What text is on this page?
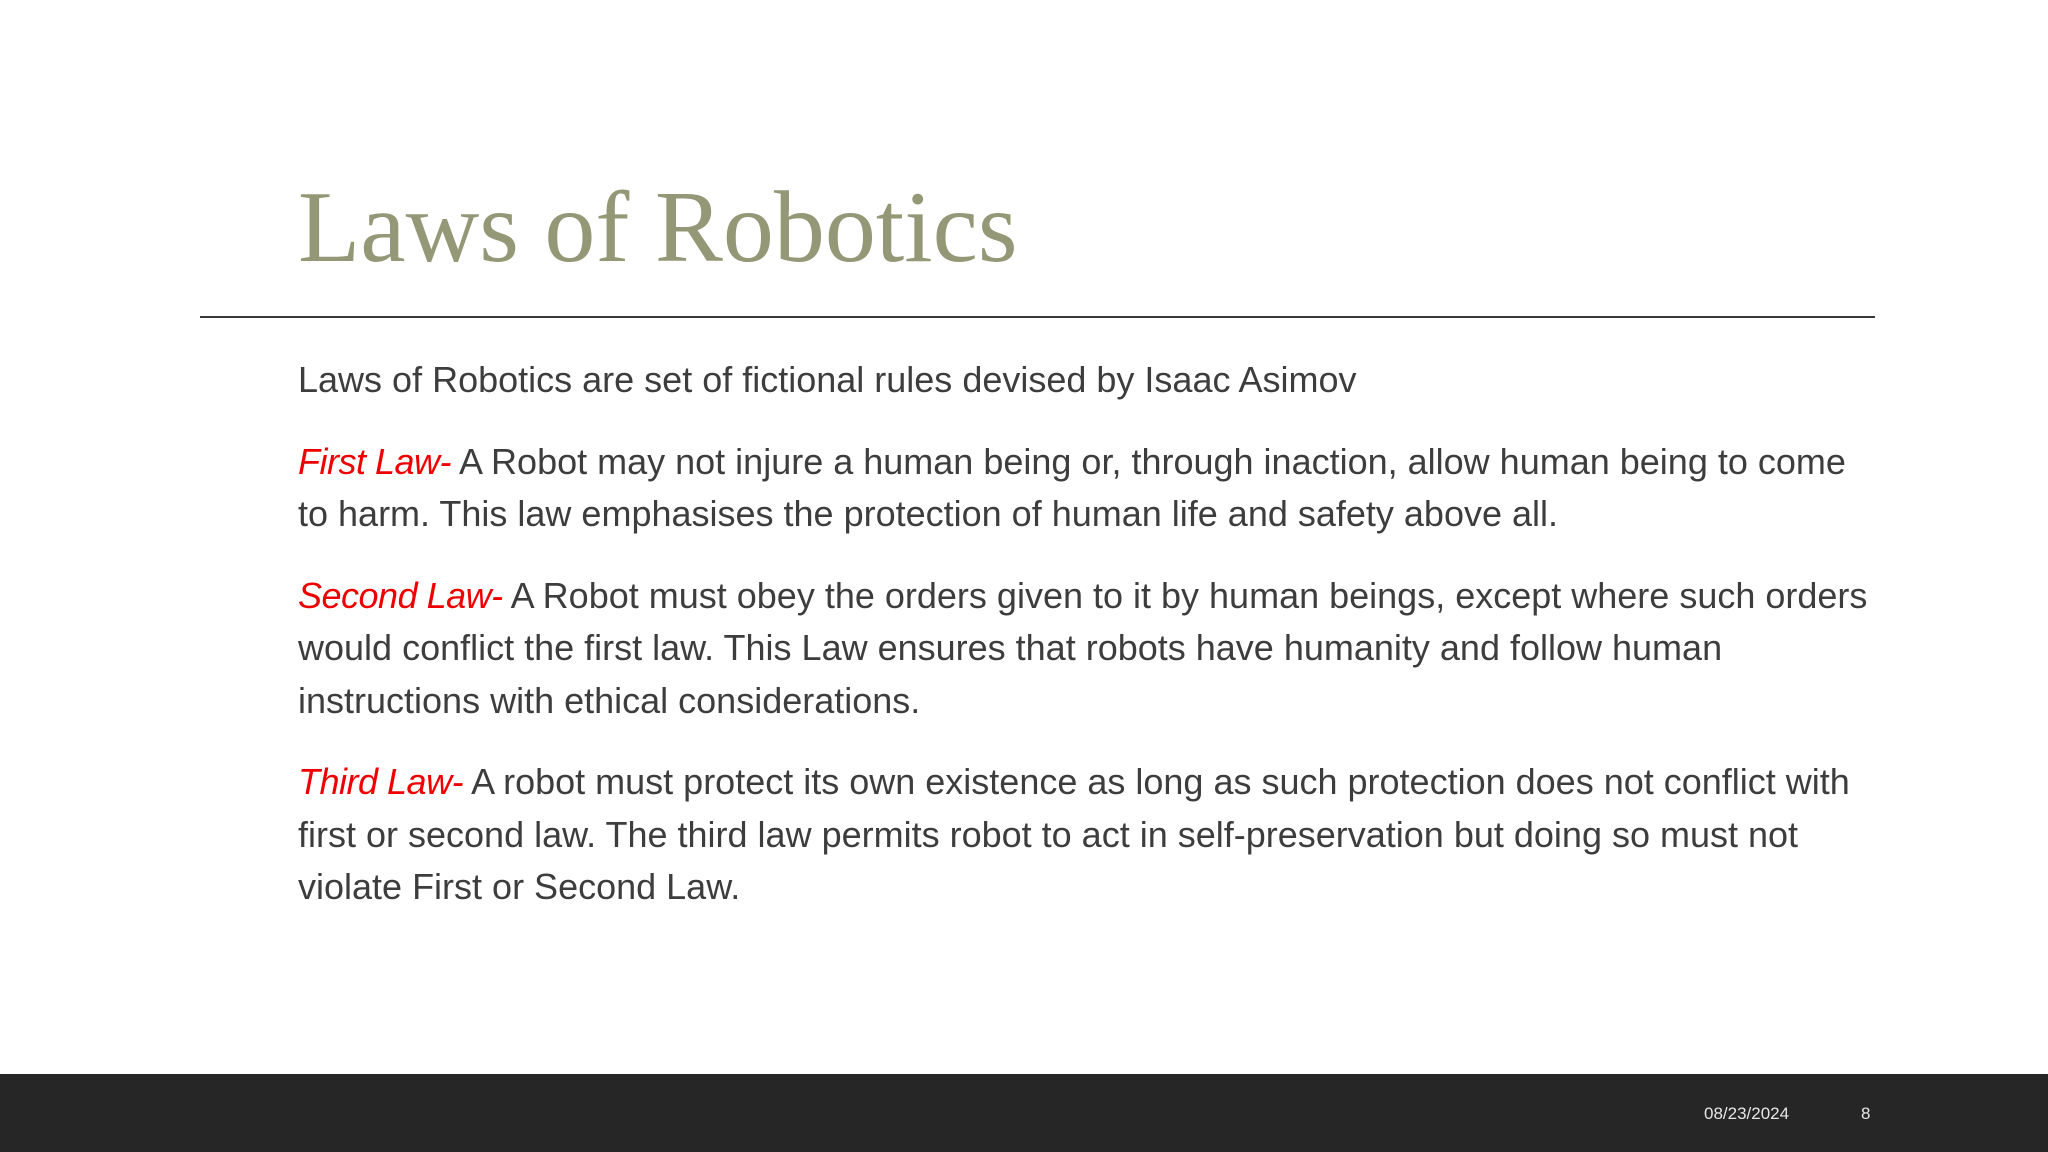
Laws of Robotics

Laws of Robotics are set of fictional rules devised by Isaac Asimov

First Law- A Robot may not injure a human being or, through inaction, allow human being to come to harm. This law emphasises the protection of human life and safety above all.

Second Law- A Robot must obey the orders given to it by human beings, except where such orders would conflict the first law. This Law ensures that robots have humanity and follow human instructions with ethical considerations.

Third Law- A robot must protect its own existence as long as such protection does not conflict with first or second law. The third law permits robot to act in self-preservation but doing so must not violate First or Second Law.

08/23/2024	8
